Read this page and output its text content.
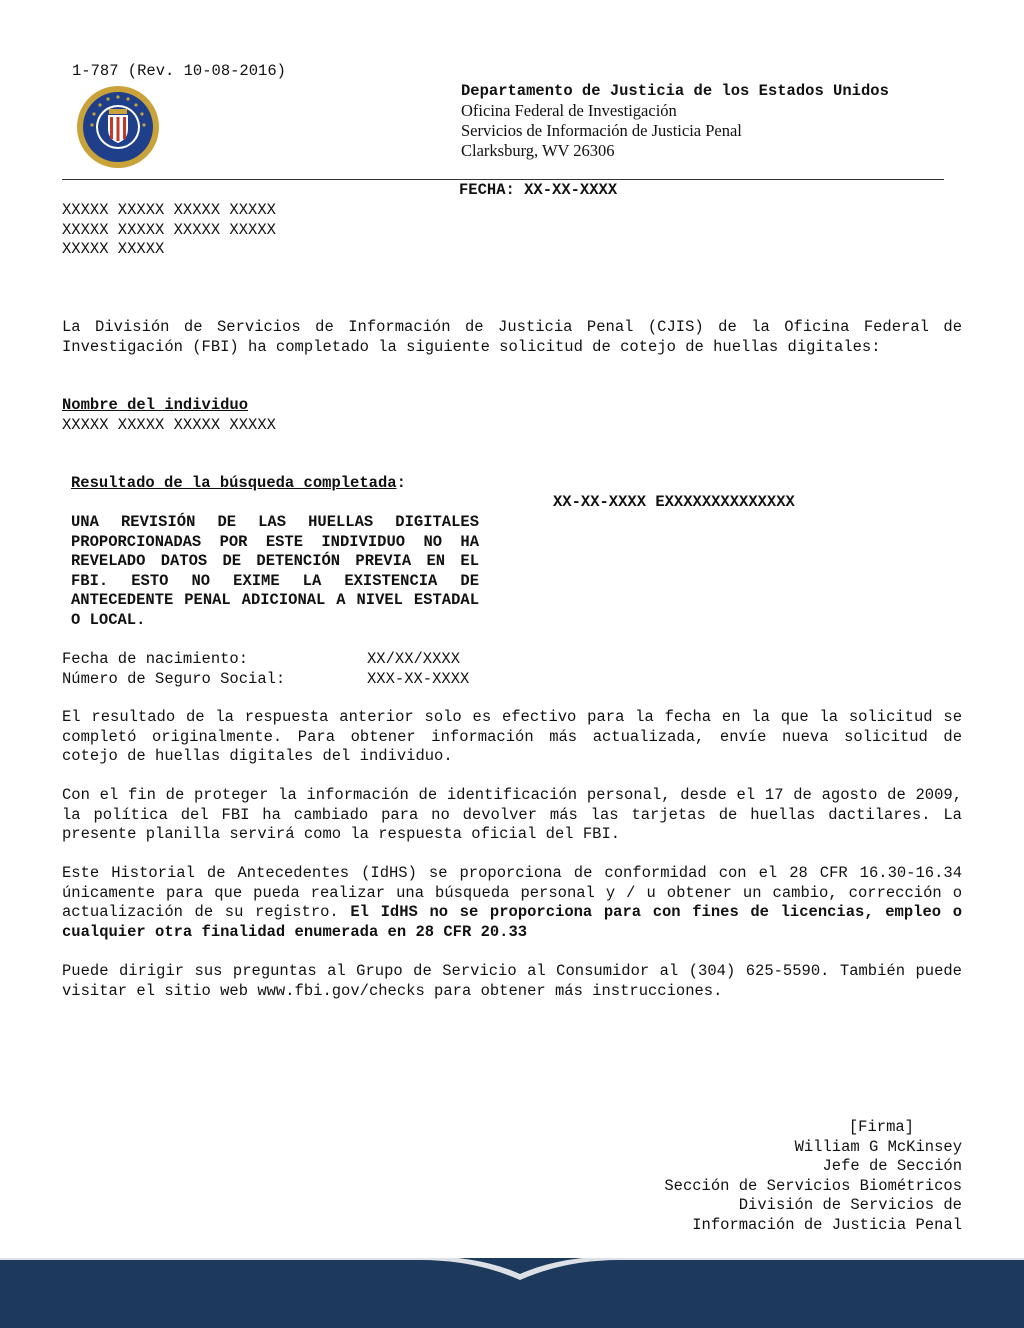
1-787 (Rev. 10-08-2016)
Departamento de Justicia de los Estados Unidos
Oficina Federal de Investigación
Servicios de Información de Justicia Penal
Clarksburg, WV 26306
FECHA: XX-XX-XXXX
XXXXX XXXXX XXXXX XXXXX
XXXXX XXXXX XXXXX XXXXX
XXXXX XXXXX
La División de Servicios de Información de Justicia Penal (CJIS) de la Oficina Federal de Investigación (FBI) ha completado la siguiente solicitud de cotejo de huellas digitales:
Nombre del individuo
XXXXX XXXXX XXXXX XXXXX
Resultado de la búsqueda completada:
XX-XX-XXXX EXXXXXXXXXXXXXX
UNA REVISIÓN DE LAS HUELLAS DIGITALES PROPORCIONADAS POR ESTE INDIVIDUO NO HA REVELADO DATOS DE DETENCIÓN PREVIA EN EL FBI. ESTO NO EXIME LA EXISTENCIA DE ANTECEDENTE PENAL ADICIONAL A NIVEL ESTADAL O LOCAL.
Fecha de nacimiento:	XX/XX/XXXX
Número de Seguro Social:	XXX-XX-XXXX
El resultado de la respuesta anterior solo es efectivo para la fecha en la que la solicitud se completó originalmente. Para obtener información más actualizada, envíe nueva solicitud de cotejo de huellas digitales del individuo.
Con el fin de proteger la información de identificación personal, desde el 17 de agosto de 2009, la política del FBI ha cambiado para no devolver más las tarjetas de huellas dactilares. La presente planilla servirá como la respuesta oficial del FBI.
Este Historial de Antecedentes (IdHS) se proporciona de conformidad con el 28 CFR 16.30-16.34 únicamente para que pueda realizar una búsqueda personal y / u obtener un cambio, corrección o actualización de su registro. El IdHS no se proporciona para con fines de licencias, empleo o cualquier otra finalidad enumerada en 28 CFR 20.33
Puede dirigir sus preguntas al Grupo de Servicio al Consumidor al (304) 625-5590. También puede visitar el sitio web www.fbi.gov/checks para obtener más instrucciones.
[Firma]
William G McKinsey
Jefe de Sección
Sección de Servicios Biométricos
División de Servicios de
Información de Justicia Penal
